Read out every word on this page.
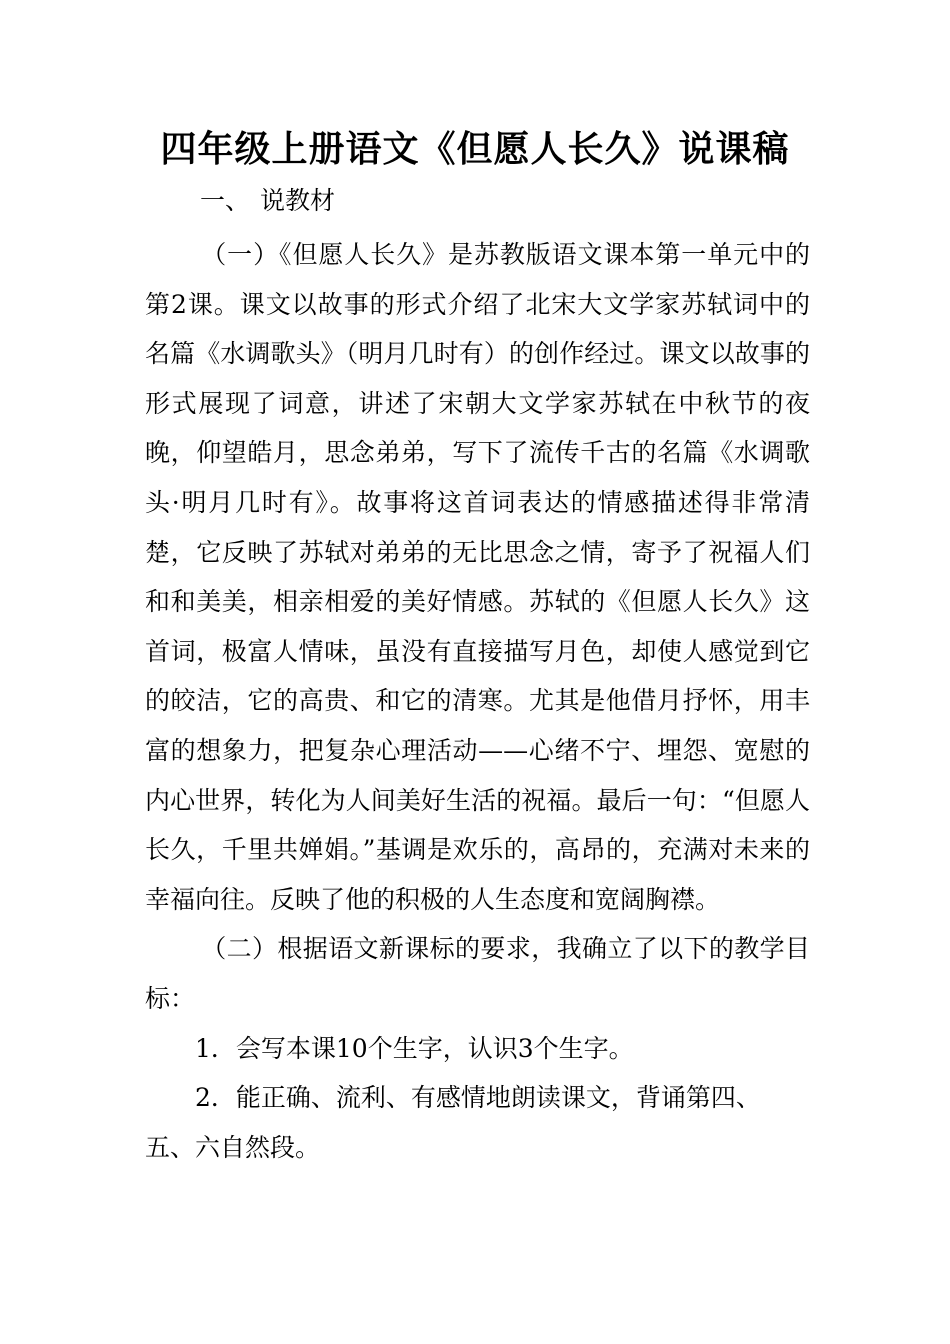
四年级上册语文《但愿人长久》说课稿
一、 说教材

（一）《但愿人长久》是苏教版语文课本第一单元中的第2课。课文以故事的形式介绍了北宋大文学家苏轼词中的名篇《水调歌头》（明月几时有）的创作经过。课文以故事的形式展现了词意，讲述了宋朝大文学家苏轼在中秋节的夜晚，仰望皓月，思念弟弟，写下了流传千古的名篇《水调歌头·明月几时有》。故事将这首词表达的情感描述得非常清楚，它反映了苏轼对弟弟的无比思念之情，寄予了祝福人们和和美美，相亲相爱的美好情感。苏轼的《但愿人长久》这首词，极富人情味，虽没有直接描写月色，却使人感觉到它的皎洁，它的高贵、和它的清寒。尤其是他借月抒怀，用丰富的想象力，把复杂心理活动——心绪不宁、埋怨、宽慰的内心世界，转化为人间美好生活的祝福。最后一句：“但愿人长久，千里共婵娟。”基调是欢乐的，高昂的，充满对未来的幸福向往。反映了他的积极的人生态度和宽阔胸襟。

（二）根据语文新课标的要求，我确立了以下的教学目标：

1．会写本课10个生字，认识3个生字。

2．能正确、流利、有感情地朗读课文，背诵第四、五、六自然段。
